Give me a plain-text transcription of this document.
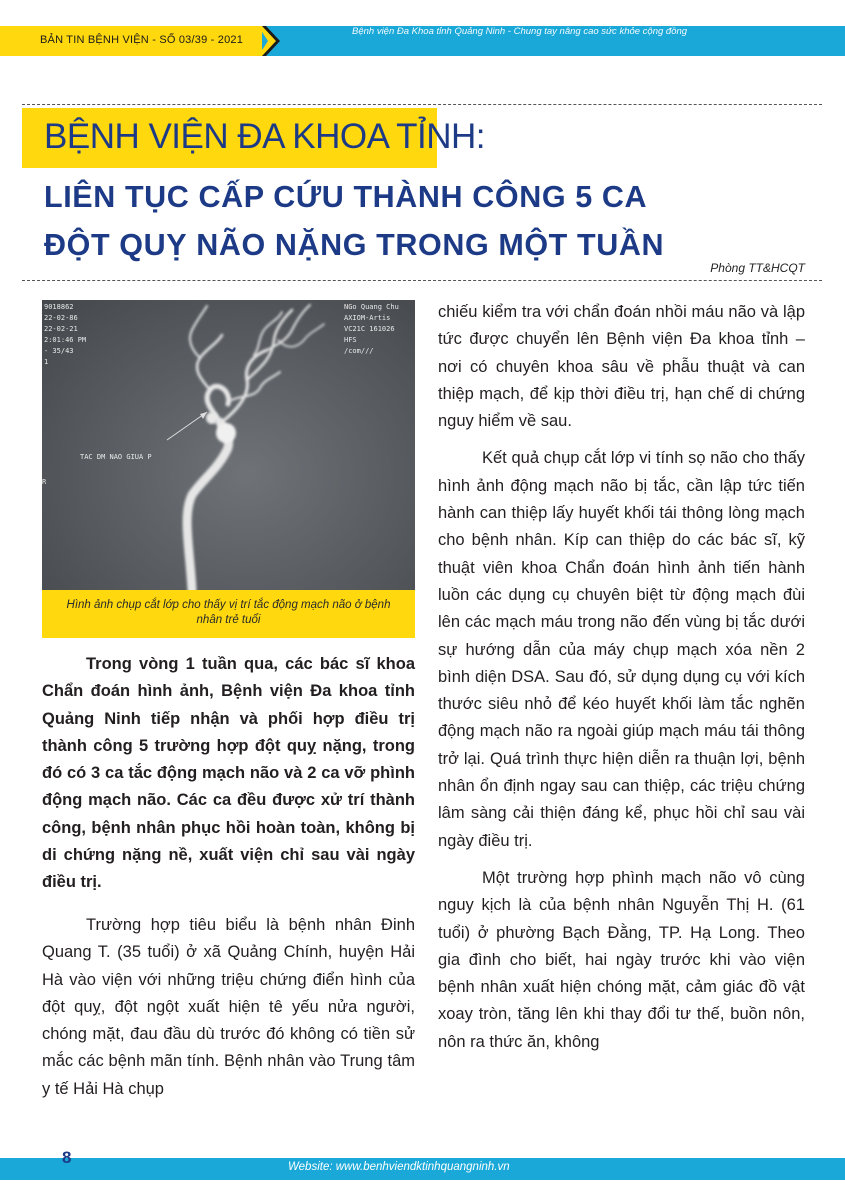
BẢN TIN BỆNH VIỆN - SỐ 03/39 - 2021
Bệnh viện Đa Khoa tỉnh Quảng Ninh - Chung tay nâng cao sức khỏe cộng đồng
BỆNH VIỆN ĐA KHOA TỈNH:
LIÊN TỤC CẤP CỨU THÀNH CÔNG 5 CA
ĐỘT QUỴ NÃO NẶNG TRONG MỘT TUẦN
Phòng TT&HCQT
9018862
22-02-86
22-02-21
2:01:46 PM
- 35/43
1
NGo Quang Chu
AXIOM-Artis
VC21C 161026
HFS
/com///
TAC DM NAO GIUA P
R
Hình ảnh chụp cắt lớp cho thấy vị trí tắc động mạch não ở bệnh nhân trẻ tuổi

Trong vòng 1 tuần qua, các bác sĩ khoa Chẩn đoán hình ảnh, Bệnh viện Đa khoa tỉnh Quảng Ninh tiếp nhận và phối hợp điều trị thành công 5 trường hợp đột quỵ nặng, trong đó có 3 ca tắc động mạch não và 2 ca vỡ phình động mạch não. Các ca đều được xử trí thành công, bệnh nhân phục hồi hoàn toàn, không bị di chứng nặng nề, xuất viện chỉ sau vài ngày điều trị.

Trường hợp tiêu biểu là bệnh nhân Đinh Quang T. (35 tuổi) ở xã Quảng Chính, huyện Hải Hà vào viện với những triệu chứng điển hình của đột quỵ, đột ngột xuất hiện tê yếu nửa người, chóng mặt, đau đầu dù trước đó không có tiền sử mắc các bệnh mãn tính. Bệnh nhân vào Trung tâm y tế Hải Hà chụp

chiếu kiểm tra với chẩn đoán nhồi máu não và lập tức được chuyển lên Bệnh viện Đa khoa tỉnh – nơi có chuyên khoa sâu về phẫu thuật và can thiệp mạch, để kịp thời điều trị, hạn chế di chứng nguy hiểm về sau.

Kết quả chụp cắt lớp vi tính sọ não cho thấy hình ảnh động mạch não bị tắc, cần lập tức tiến hành can thiệp lấy huyết khối tái thông lòng mạch cho bệnh nhân. Kíp can thiệp do các bác sĩ, kỹ thuật viên khoa Chẩn đoán hình ảnh tiến hành luồn các dụng cụ chuyên biệt từ động mạch đùi lên các mạch máu trong não đến vùng bị tắc dưới sự hướng dẫn của máy chụp mạch xóa nền 2 bình diện DSA. Sau đó, sử dụng dụng cụ với kích thước siêu nhỏ để kéo huyết khối làm tắc nghẽn động mạch não ra ngoài giúp mạch máu tái thông trở lại. Quá trình thực hiện diễn ra thuận lợi, bệnh nhân ổn định ngay sau can thiệp, các triệu chứng lâm sàng cải thiện đáng kể, phục hồi chỉ sau vài ngày điều trị.

Một trường hợp phình mạch não vô cùng nguy kịch là của bệnh nhân Nguyễn Thị H. (61 tuổi) ở phường Bạch Đằng, TP. Hạ Long. Theo gia đình cho biết, hai ngày trước khi vào viện bệnh nhân xuất hiện chóng mặt, cảm giác đồ vật xoay tròn, tăng lên khi thay đổi tư thế, buồn nôn, nôn ra thức ăn, không

8	Website: www.benhviendktinhquangninh.vn
